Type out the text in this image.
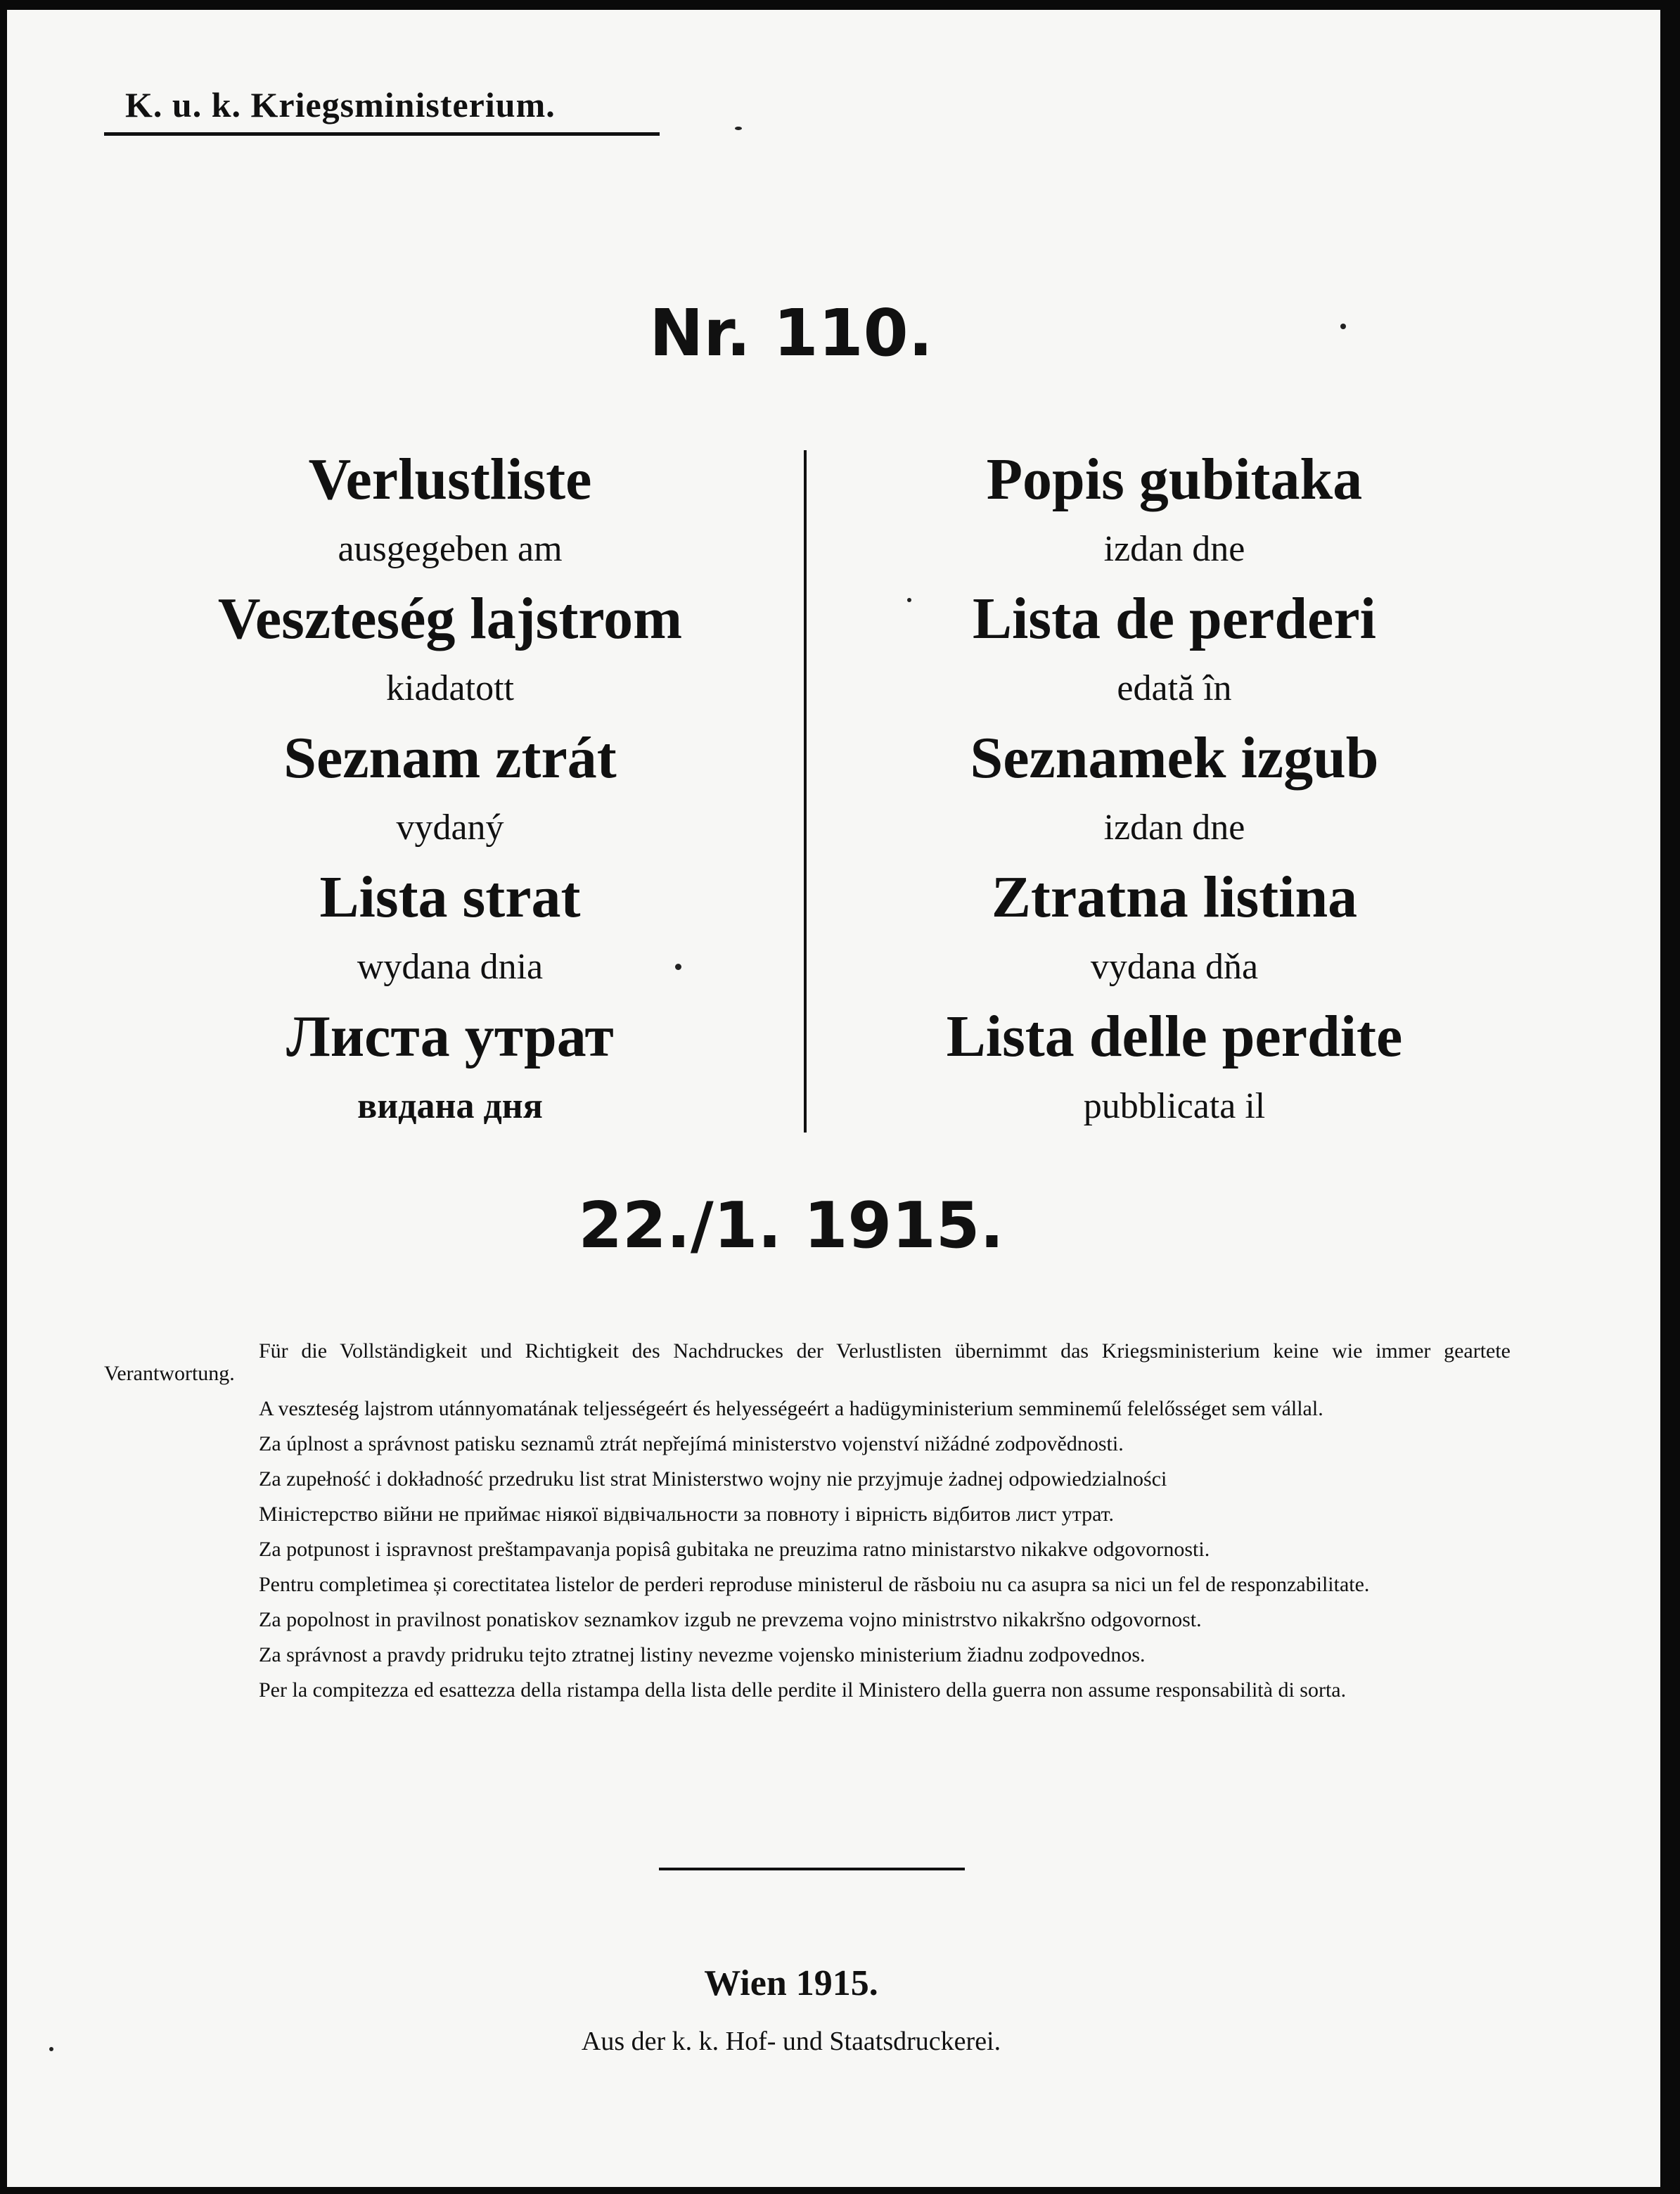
K. u. k. Kriegsministerium.
Nr. 110.
Verlustliste
ausgegeben am
Veszteség lajstrom
kiadatott
Seznam ztrát
vydaný
Lista strat
wydana dnia
Листа утрат
видана дня
Popis gubitaka
izdan dne
Lista de perderi
edată în
Seznamek izgub
izdan dne
Ztratna listina
vydana dňa
Lista delle perdite
pubblicata il
22./1. 1915.
Für die Vollständigkeit und Richtigkeit des Nachdruckes der Verlustlisten übernimmt das Kriegsministerium keine wie immer geartete Verantwortung.
A veszteség lajstrom utánnyomatának teljességeért és helyességeért a hadügyministerium semminemű felelősséget sem vállal.
Za úplnost a správnost patisku seznamů ztrát nepřejímá ministerstvo vojenství nižádné zodpovědnosti.
Za zupełność i dokładność przedruku list strat Ministerstwo wojny nie przyjmuje żadnej odpowiedzialności
Міністерство війни не приймає ніякої відвічальности за повноту і вірність відбитов лист утрат.
Za potpunost i ispravnost preštampavanja popisâ gubitaka ne preuzima ratno ministarstvo nikakve odgovornosti.
Pentru completimea și corectitatea listelor de perderi reproduse ministerul de răsboiu nu ca asupra sa nici un fel de responzabilitate.
Za popolnost in pravilnost ponatiskov seznamkov izgub ne prevzema vojno ministrstvo nikakršno odgovornost.
Za správnost a pravdy pridruku tejto ztratnej listiny nevezme vojensko ministerium žiadnu zodpovednos.
Per la compitezza ed esattezza della ristampa della lista delle perdite il Ministero della guerra non assume responsabilità di sorta.
Wien 1915.
Aus der k. k. Hof- und Staatsdruckerei.
